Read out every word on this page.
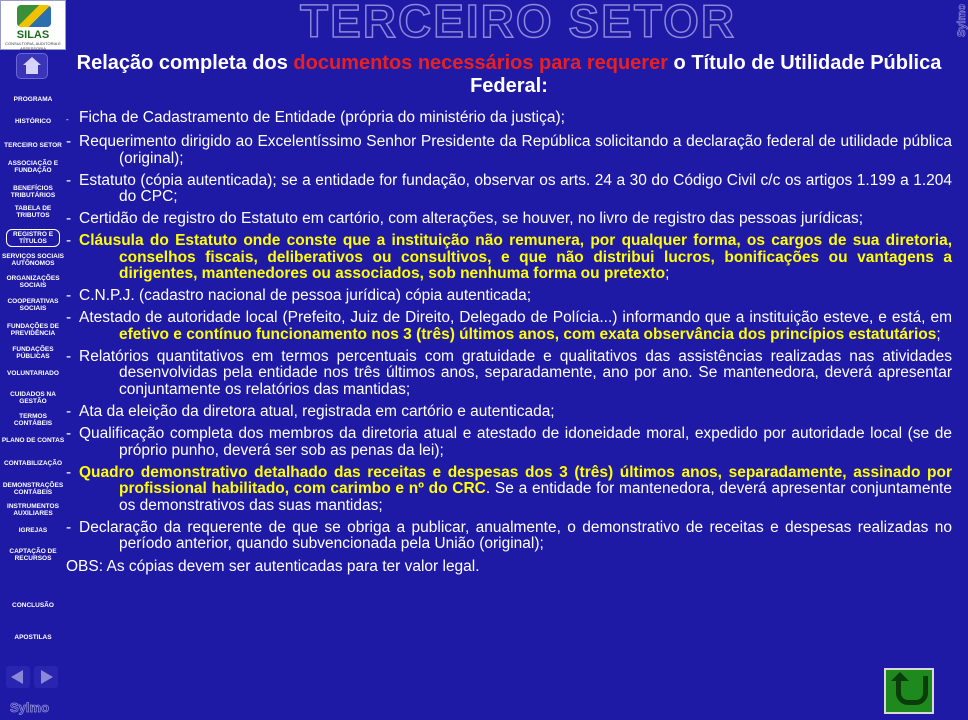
SILAS
CONSULTORIA, AUDITORIA E ASSESSORIA
TERCEIRO SETOR	Sylmo
PROGRAMA
HISTÓRICO
TERCEIRO SETOR
ASSOCIAÇÃO E FUNDAÇÃO
BENEFÍCIOS TRIBUTÁRIOS
TABELA DE TRIBUTOS
REGISTRO E TÍTULOS
SERVIÇOS SOCIAIS AUTÔNOMOS
ORGANIZAÇÕES SOCIAIS
COOPERATIVAS SOCIAIS
FUNDAÇÕES DE PREVIDÊNCIA
FUNDAÇÕES PÚBLICAS
VOLUNTARIADO
CUIDADOS NA GESTÃO
TERMOS CONTÁBEIS
PLANO DE CONTAS
CONTABILIZAÇÃO
DEMONSTRAÇÕES CONTÁBEIS
INSTRUMENTOS AUXILIARES
IGREJAS
CAPTAÇÃO DE RECURSOS
CONCLUSÃO
APOSTILAS
Sylmo
Relação completa dos documentos necessários para requerer o Título de Utilidade Pública Federal:
- Ficha de Cadastramento de Entidade (própria do ministério da justiça);
- Requerimento dirigido ao Excelentíssimo Senhor Presidente da República solicitando a declaração federal de utilidade pública (original);
- Estatuto (cópia autenticada); se a entidade for fundação, observar os arts. 24 a 30 do Código Civil c/c os artigos 1.199 a 1.204 do CPC;
- Certidão de registro do Estatuto em cartório, com alterações, se houver, no livro de registro das pessoas jurídicas;
- Cláusula do Estatuto onde conste que a instituição não remunera, por qualquer forma, os cargos de sua diretoria, conselhos fiscais, deliberativos ou consultivos, e que não distribui lucros, bonificações ou vantagens a dirigentes, mantenedores ou associados, sob nenhuma forma ou pretexto;
- C.N.P.J. (cadastro nacional de pessoa jurídica) cópia autenticada;
- Atestado de autoridade local (Prefeito, Juiz de Direito, Delegado de Polícia...) informando que a instituição esteve, e está, em efetivo e contínuo funcionamento nos 3 (três) últimos anos, com exata observância dos princípios estatutários;
- Relatórios quantitativos em termos percentuais com gratuidade e qualitativos das assistências realizadas nas atividades desenvolvidas pela entidade nos três últimos anos, separadamente, ano por ano. Se mantenedora, deverá apresentar conjuntamente os relatórios das mantidas;
- Ata da eleição da diretora atual, registrada em cartório e autenticada;
- Qualificação completa dos membros da diretoria atual e atestado de idoneidade moral, expedido por autoridade local (se de próprio punho, deverá ser sob as penas da lei);
- Quadro demonstrativo detalhado das receitas e despesas dos 3 (três) últimos anos, separadamente, assinado por profissional habilitado, com carimbo e nº do CRC. Se a entidade for mantenedora, deverá apresentar conjuntamente os demonstrativos das suas mantidas;
- Declaração da requerente de que se obriga a publicar, anualmente, o demonstrativo de receitas e despesas realizadas no período anterior, quando subvencionada pela União (original);
OBS: As cópias devem ser autenticadas para ter valor legal.
